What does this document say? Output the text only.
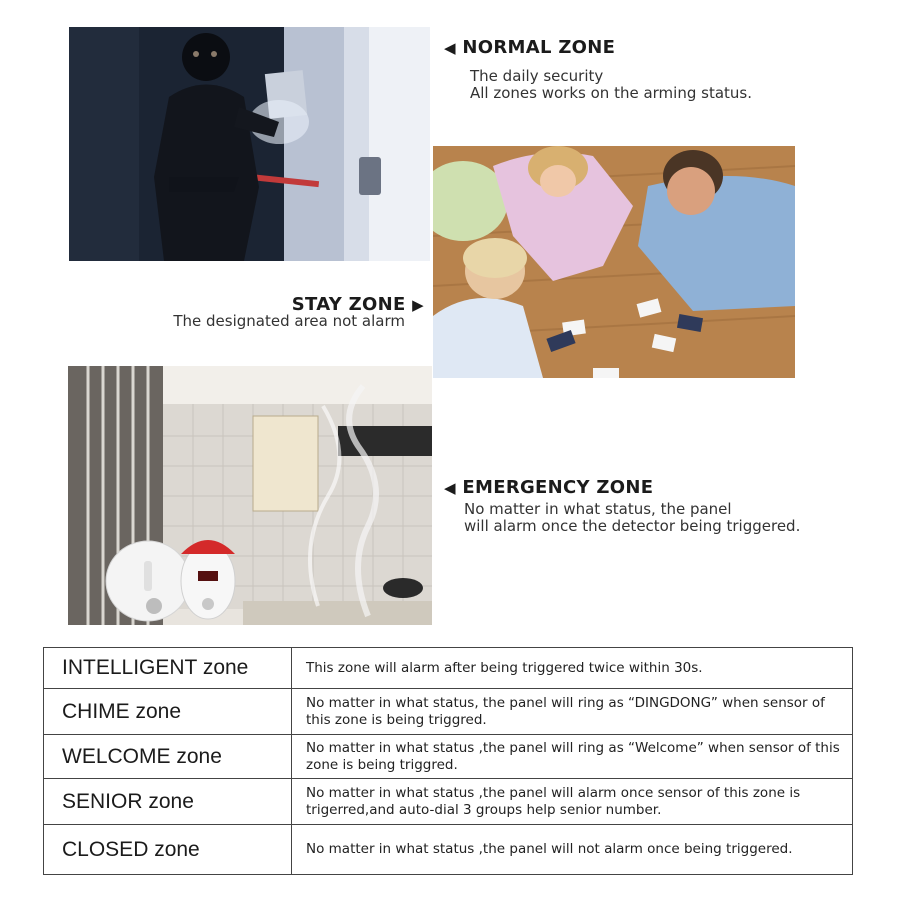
◀ NORMAL ZONE
The daily security
All zones works on the arming status.
STAY ZONE ▶
The designated area not alarm
◀ EMERGENCY ZONE
No matter in what status, the panel
will alarm once the detector being triggered.
INTELLIGENT zone	This zone will alarm after being triggered twice within 30s.
CHIME zone	No matter in what status, the panel will ring as “DINGDONG” when sensor of this zone is being triggred.
WELCOME zone	No matter in what status ,the panel will ring as “Welcome” when sensor of this zone is being triggred.
SENIOR zone	No matter in what status ,the panel will alarm once sensor of this zone is trigerred,and auto-dial 3 groups help senior number.
CLOSED zone	No matter in what status ,the panel will not alarm once being triggered.
